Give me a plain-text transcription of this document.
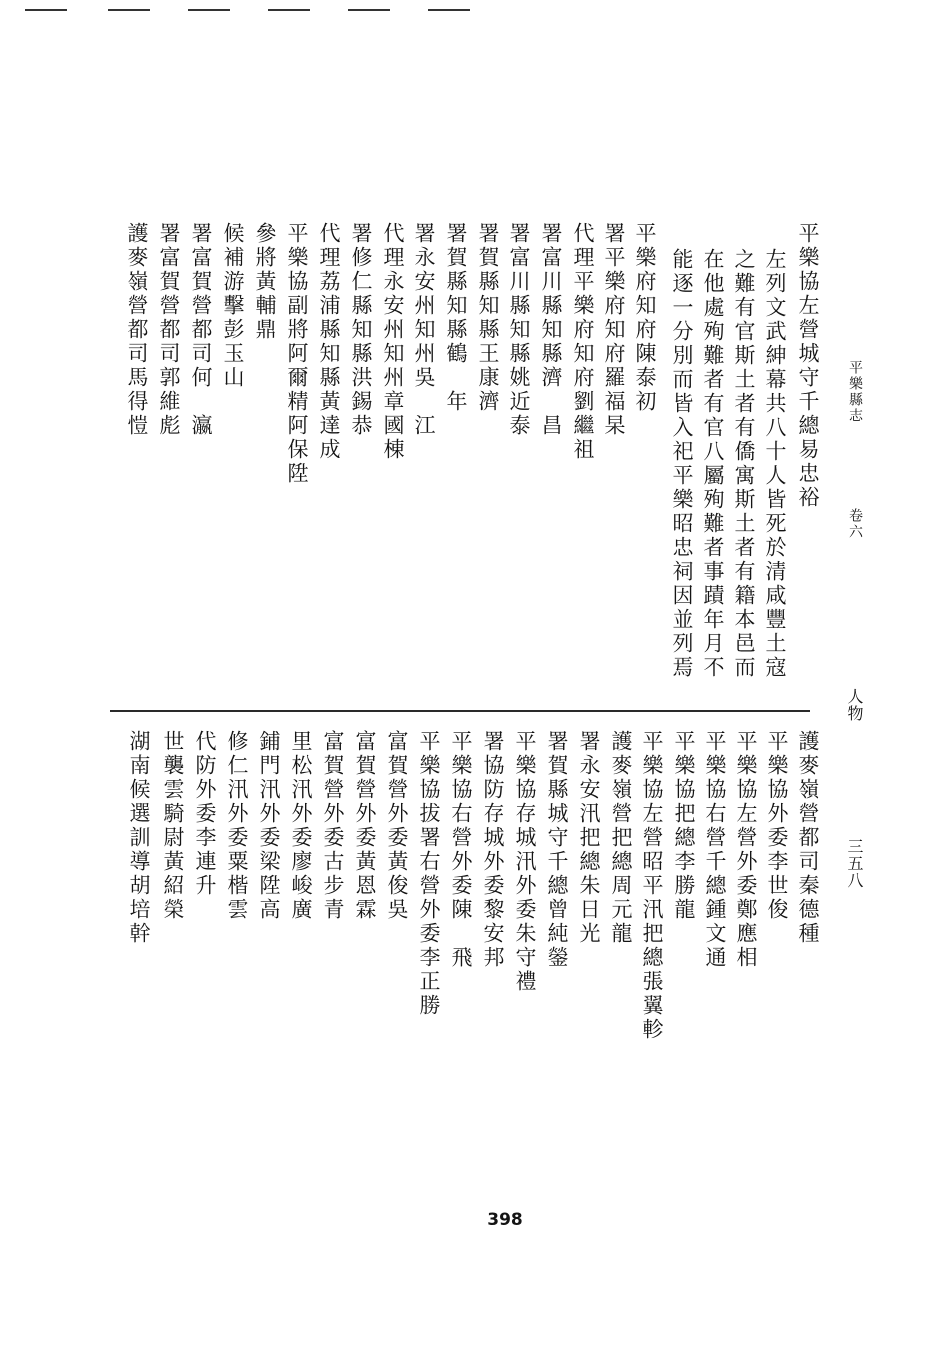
平樂縣志
卷六
人物
三五八
平樂協左營城守千總易忠裕
左列文武紳幕共八十人皆死於清咸豐土寇
之難有官斯土者有僑寓斯土者有籍本邑而
在他處殉難者有官八屬殉難者事蹟年月不
能逐一分別而皆入祀平樂昭忠祠因並列焉
平樂府知府陳泰初
署平樂府知府羅福杲
代理平樂府知府劉繼祖
署富川縣知縣濟　昌
署富川縣知縣姚近泰
署賀縣知縣王康濟
署賀縣知縣鶴　年
署永安州知州吳　江
代理永安州知州章國棟
署修仁縣知縣洪錫恭
代理荔浦縣知縣黃達成
平樂協副將阿爾精阿保陞
參將黃輔鼎
候補游擊彭玉山
署富賀營都司何　瀛
署富賀營都司郭維彪
護麥嶺營都司馬得愷
護麥嶺營都司秦德種
平樂協外委李世俊
平樂協左營外委鄭應相
平樂協右營千總鍾文通
平樂協把總李勝龍
平樂協左營昭平汛把總張翼軫
護麥嶺營把總周元龍
署永安汛把總朱日光
署賀縣城守千總曾純鎣
平樂協存城汛外委朱守禮
署協防存城外委黎安邦
平樂協右營外委陳　飛
平樂協拔署右營外委李正勝
富賀營外委黃俊吳
富賀營外委黃恩霖
富賀營外委古步青
里松汛外委廖峻廣
鋪門汛外委梁陞高
修仁汛外委粟楷雲
代防外委李連升
世襲雲騎尉黃紹榮
湖南候選訓導胡培幹
398
